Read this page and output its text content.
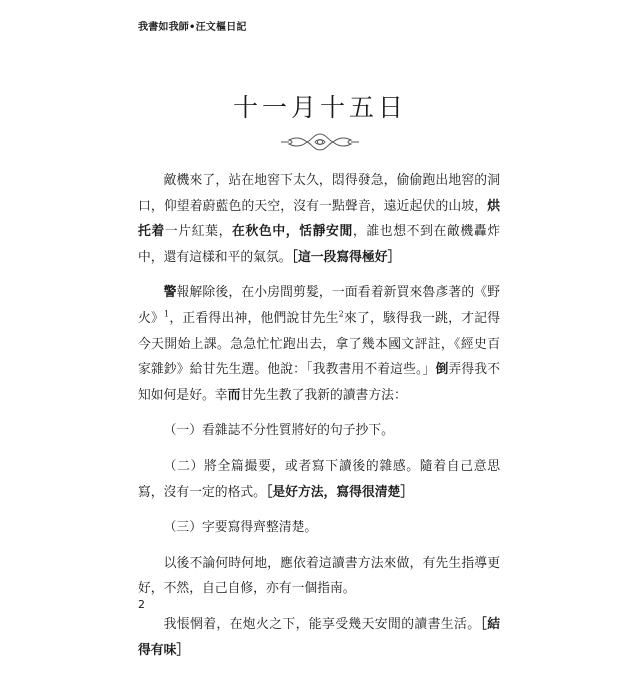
我書如我師•汪文樞日記
十一月十五日

敵機來了，站在地窖下太久，悶得發急，偷偷跑出地窖的洞口，仰望着蔚藍色的天空，沒有一點聲音，遠近起伏的山坡，烘托着一片紅葉，在秋色中，恬靜安閒，誰也想不到在敵機轟炸中，還有這樣和平的氣氛。［這一段寫得極好］

警報解除後，在小房間剪髮，一面看着新買來魯彥著的《野火》$^1$，正看得出神，他們說甘先生$^2$來了，駭得我一跳，才記得今天開始上課。急急忙忙跑出去，拿了幾本國文評註，《經史百家雜鈔》給甘先生選。他說：「我教書用不着這些。」倒弄得我不知如何是好。幸而甘先生教了我新的讀書方法：

（一）看雜誌不分性質將好的句子抄下。

（二）將全篇撮要，或者寫下讀後的雜感。隨着自己意思寫，沒有一定的格式。［是好方法，寫得很清楚］

（三）字要寫得齊整清楚。

以後不論何時何地，應依着這讀書方法來做，有先生指導更好，不然，自己自修，亦有一個指南。

我悵惘着，在炮火之下，能享受幾天安閒的讀書生活。［結得有味］

2
